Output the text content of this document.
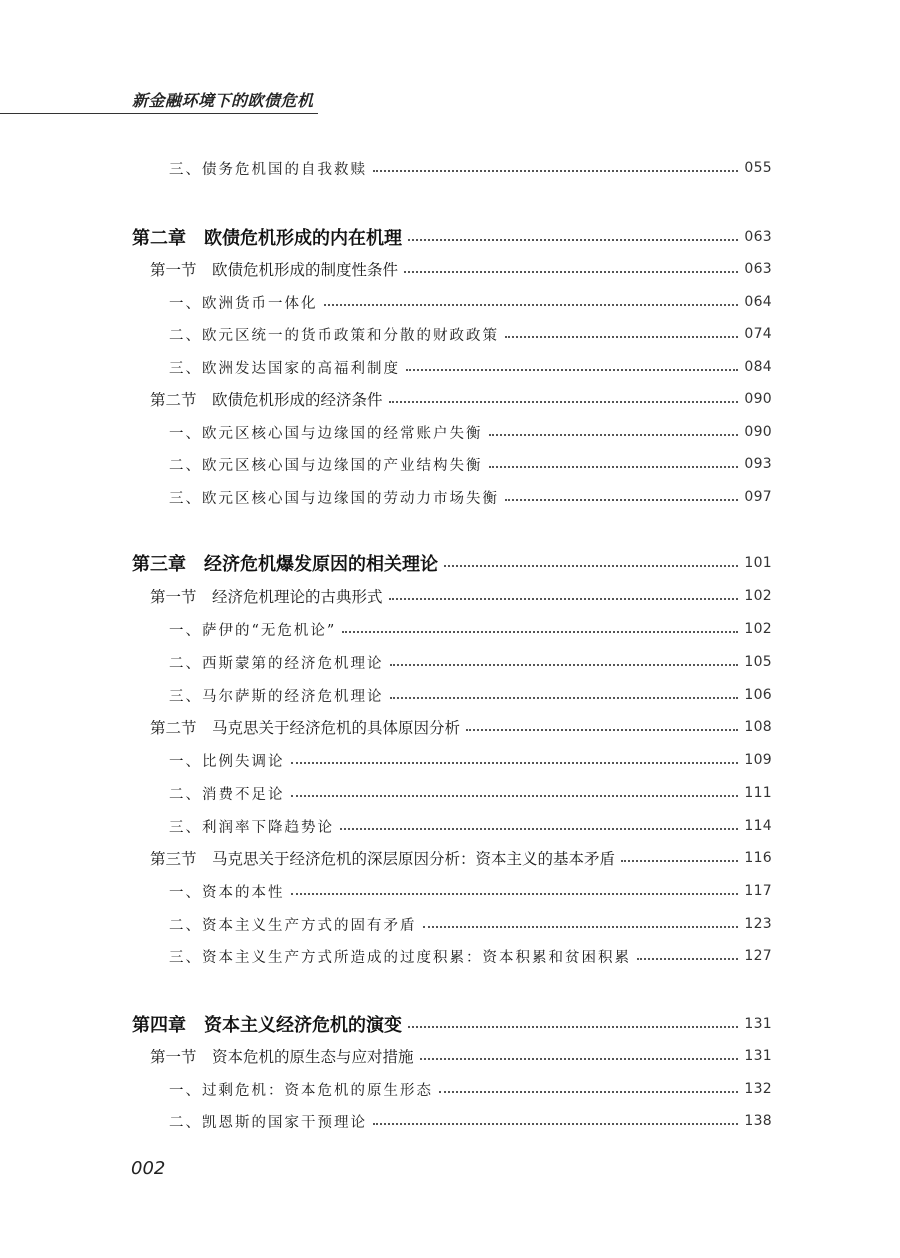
新金融环境下的欧债危机
三、债务危机国的自我救赎	055
第二章　欧债危机形成的内在机理	063
第一节　欧债危机形成的制度性条件	063
一、欧洲货币一体化	064
二、欧元区统一的货币政策和分散的财政政策	074
三、欧洲发达国家的高福利制度	084
第二节　欧债危机形成的经济条件	090
一、欧元区核心国与边缘国的经常账户失衡	090
二、欧元区核心国与边缘国的产业结构失衡	093
三、欧元区核心国与边缘国的劳动力市场失衡	097
第三章　经济危机爆发原因的相关理论	101
第一节　经济危机理论的古典形式	102
一、萨伊的“无危机论”	102
二、西斯蒙第的经济危机理论	105
三、马尔萨斯的经济危机理论	106
第二节　马克思关于经济危机的具体原因分析	108
一、比例失调论	109
二、消费不足论	111
三、利润率下降趋势论	114
第三节　马克思关于经济危机的深层原因分析：资本主义的基本矛盾	116
一、资本的本性	117
二、资本主义生产方式的固有矛盾	123
三、资本主义生产方式所造成的过度积累：资本积累和贫困积累	127
第四章　资本主义经济危机的演变	131
第一节　资本危机的原生态与应对措施	131
一、过剩危机：资本危机的原生形态	132
二、凯恩斯的国家干预理论	138
002
